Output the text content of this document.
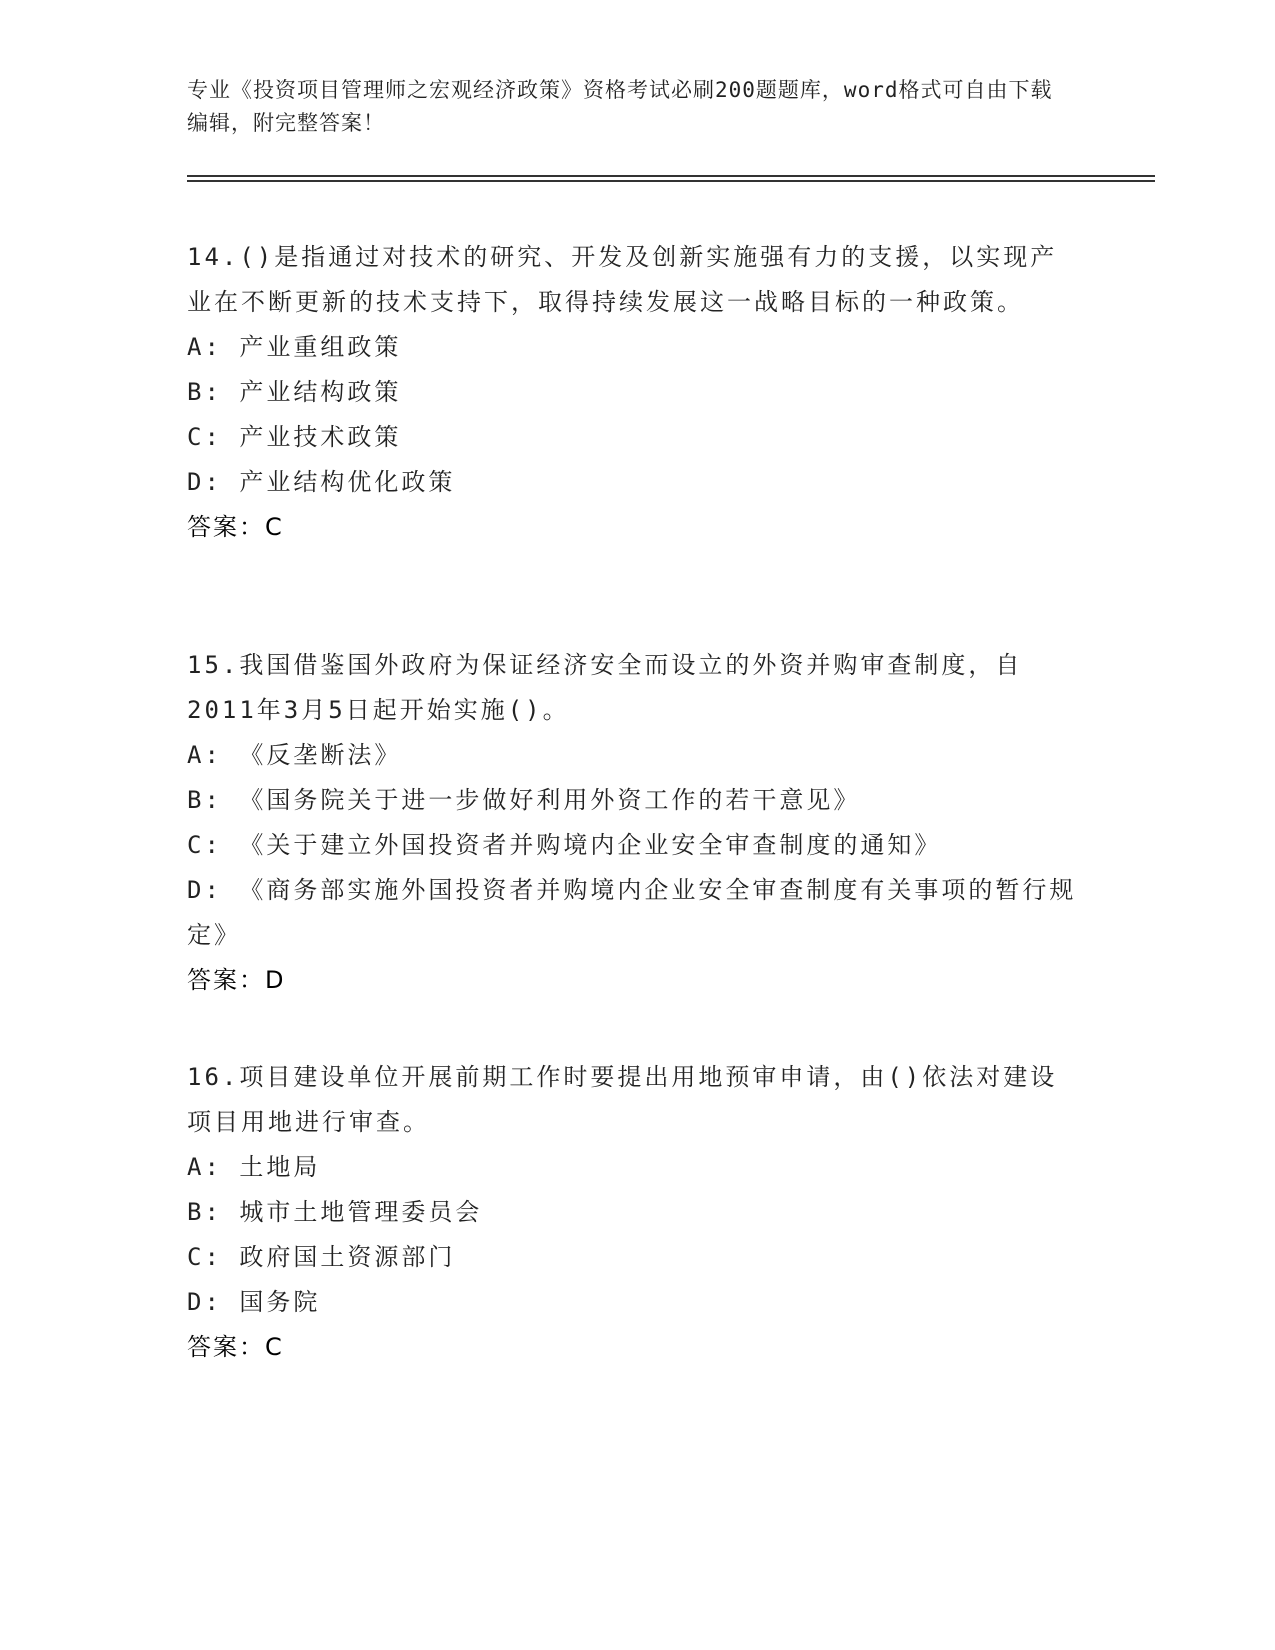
专业《投资项目管理师之宏观经济政策》资格考试必刷200题题库，word格式可自由下载编辑，附完整答案！
14.()是指通过对技术的研究、开发及创新实施强有力的支援，以实现产业在不断更新的技术支持下，取得持续发展这一战略目标的一种政策。
A: 产业重组政策
B: 产业结构政策
C: 产业技术政策
D: 产业结构优化政策
答案：C
15.我国借鉴国外政府为保证经济安全而设立的外资并购审查制度，自2011年3月5日起开始实施()。
A: 《反垄断法》
B: 《国务院关于进一步做好利用外资工作的若干意见》
C: 《关于建立外国投资者并购境内企业安全审查制度的通知》
D: 《商务部实施外国投资者并购境内企业安全审查制度有关事项的暂行规定》
答案：D
16.项目建设单位开展前期工作时要提出用地预审申请，由()依法对建设项目用地进行审查。
A: 土地局
B: 城市土地管理委员会
C: 政府国土资源部门
D: 国务院
答案：C
